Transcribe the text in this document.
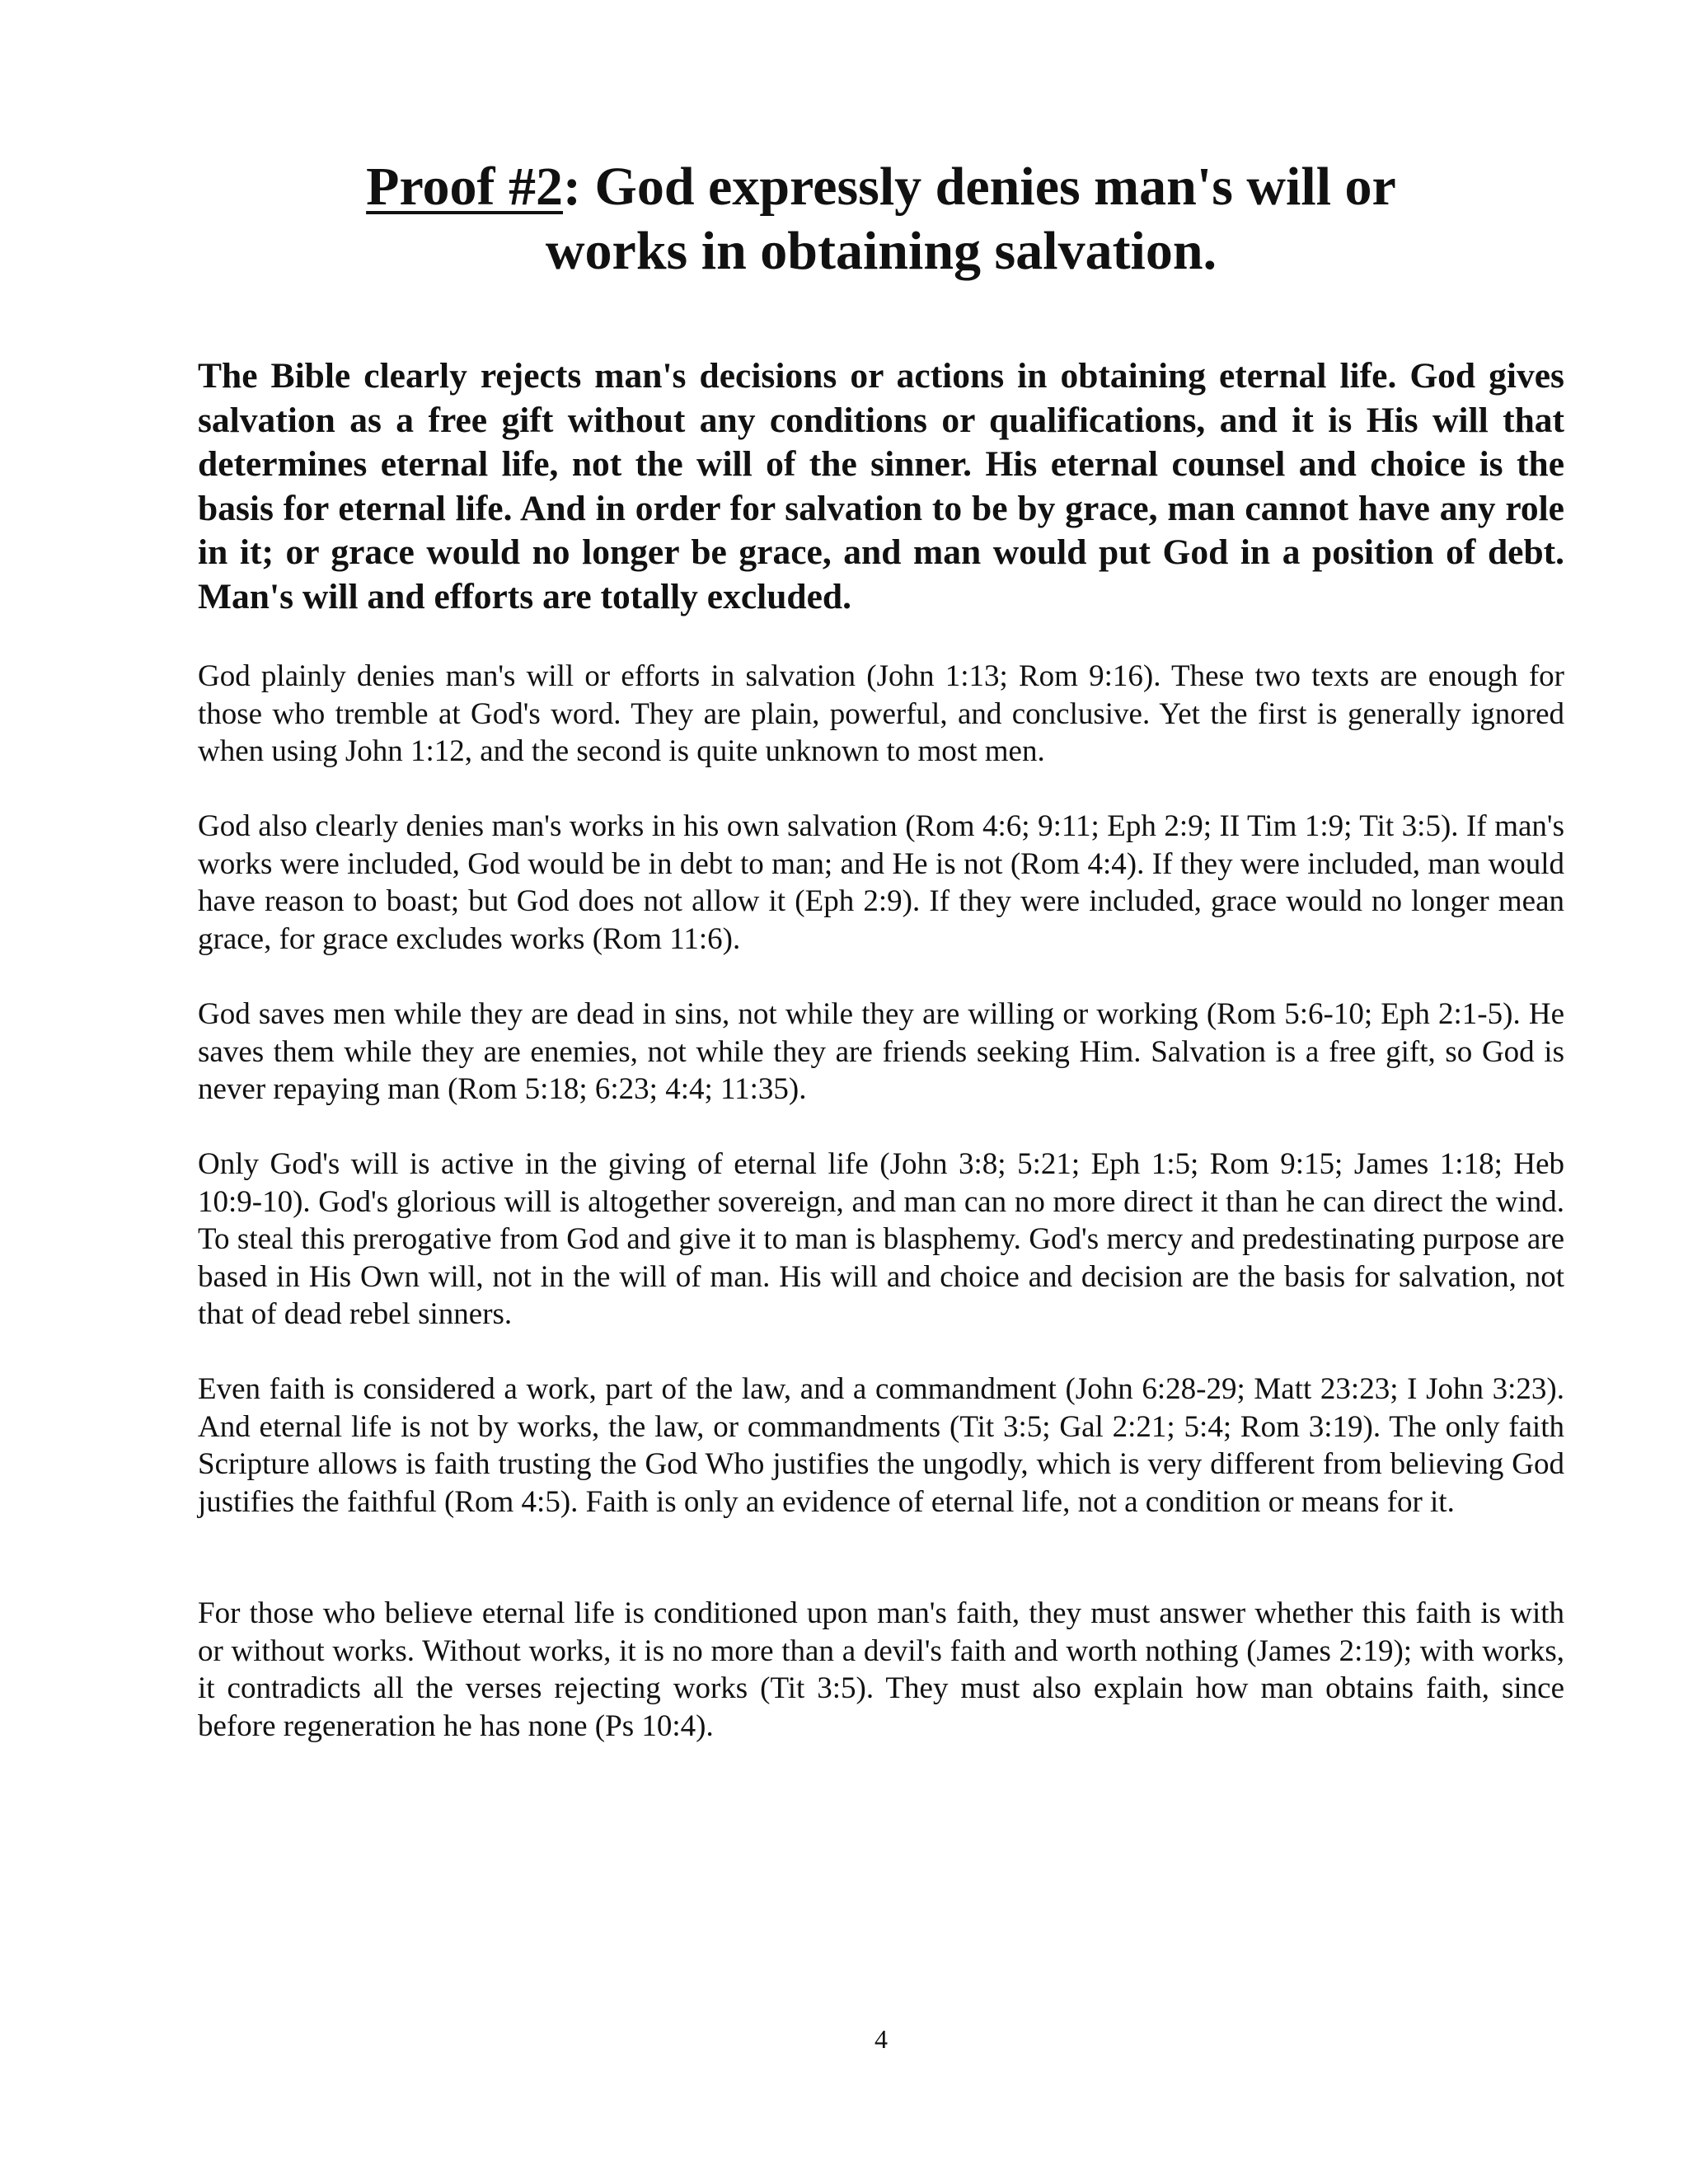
Proof #2: God expressly denies man's will or
works in obtaining salvation.

The Bible clearly rejects man's decisions or actions in obtaining eternal life. God gives salvation as a free gift without any conditions or qualifications, and it is His will that determines eternal life, not the will of the sinner. His eternal counsel and choice is the basis for eternal life. And in order for salvation to be by grace, man cannot have any role in it; or grace would no longer be grace, and man would put God in a position of debt. Man's will and efforts are totally excluded.

God plainly denies man's will or efforts in salvation (John 1:13; Rom 9:16). These two texts are enough for those who tremble at God's word. They are plain, powerful, and conclusive. Yet the first is generally ignored when using John 1:12, and the second is quite unknown to most men.

God also clearly denies man's works in his own salvation (Rom 4:6; 9:11; Eph 2:9; II Tim 1:9; Tit 3:5). If man's works were included, God would be in debt to man; and He is not (Rom 4:4). If they were included, man would have reason to boast; but God does not allow it (Eph 2:9). If they were included, grace would no longer mean grace, for grace excludes works (Rom 11:6).

God saves men while they are dead in sins, not while they are willing or working (Rom 5:6-10; Eph 2:1-5). He saves them while they are enemies, not while they are friends seeking Him. Salvation is a free gift, so God is never repaying man (Rom 5:18; 6:23; 4:4; 11:35).

Only God's will is active in the giving of eternal life (John 3:8; 5:21; Eph 1:5; Rom 9:15; James 1:18; Heb 10:9-10). God's glorious will is altogether sovereign, and man can no more direct it than he can direct the wind. To steal this prerogative from God and give it to man is blasphemy. God's mercy and predestinating purpose are based in His Own will, not in the will of man. His will and choice and decision are the basis for salvation, not that of dead rebel sinners.

Even faith is considered a work, part of the law, and a commandment (John 6:28-29; Matt 23:23; I John 3:23). And eternal life is not by works, the law, or commandments (Tit 3:5; Gal 2:21; 5:4; Rom 3:19). The only faith Scripture allows is faith trusting the God Who justifies the ungodly, which is very different from believing God justifies the faithful (Rom 4:5). Faith is only an evidence of eternal life, not a condition or means for it.

For those who believe eternal life is conditioned upon man's faith, they must answer whether this faith is with or without works. Without works, it is no more than a devil's faith and worth nothing (James 2:19); with works, it contradicts all the verses rejecting works (Tit 3:5). They must also explain how man obtains faith, since before regeneration he has none (Ps 10:4).

4
